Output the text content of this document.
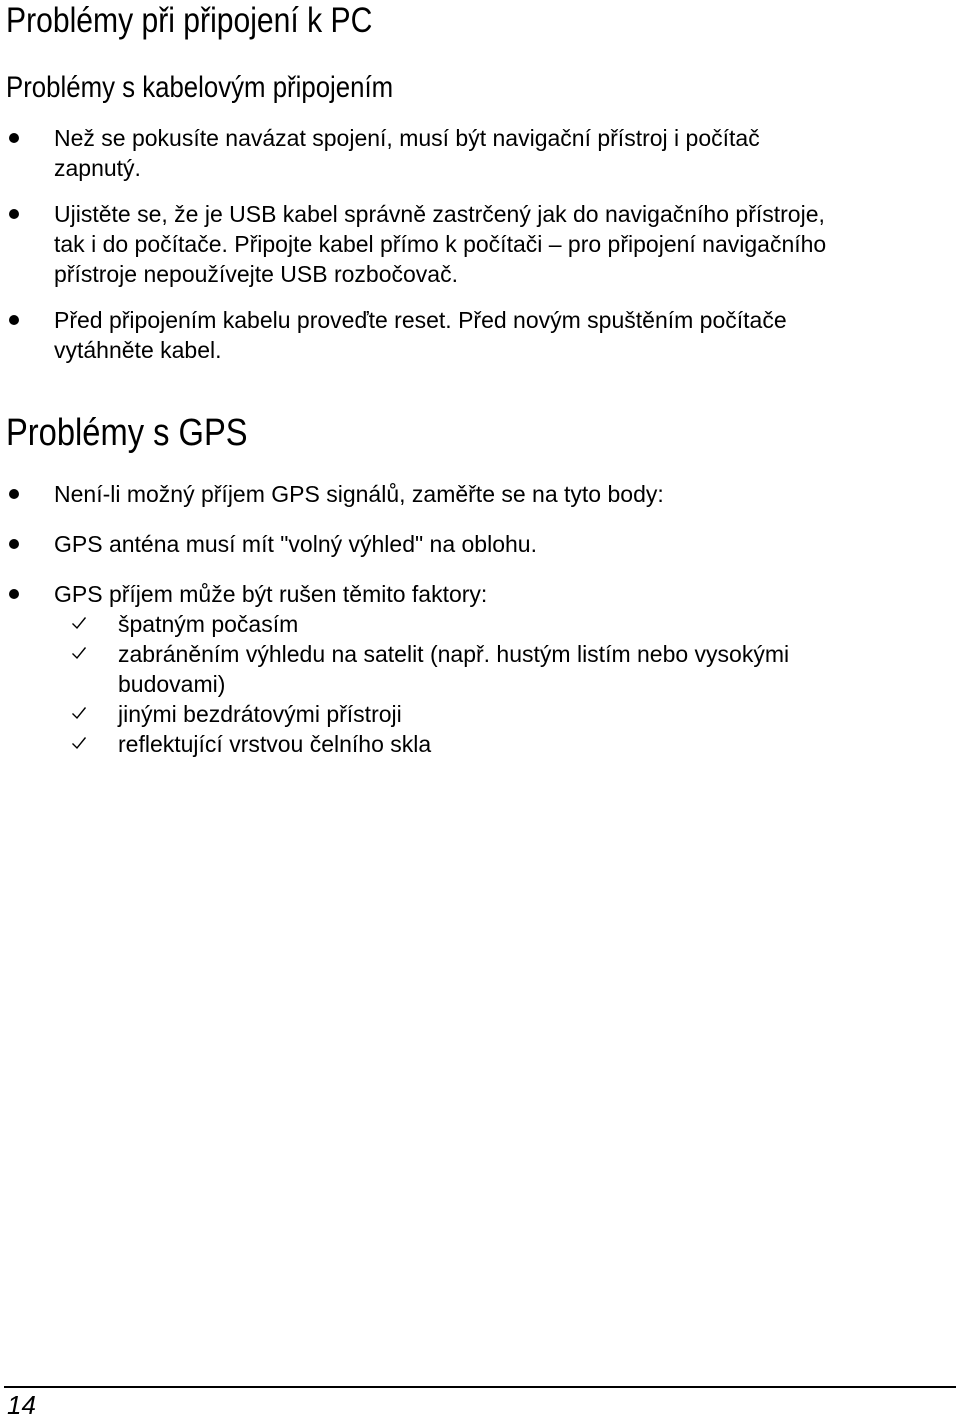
Problémy při připojení k PC
Problémy s kabelovým připojením
Než se pokusíte navázat spojení, musí být navigační přístroj i počítač
zapnutý.
Ujistěte se, že je USB kabel správně zastrčený jak do navigačního přístroje,
tak i do počítače. Připojte kabel přímo k počítači – pro připojení navigačního
přístroje nepoužívejte USB rozbočovač.
Před připojením kabelu proveďte reset. Před novým spuštěním počítače
vytáhněte kabel.
Problémy s GPS
Není-li možný příjem GPS signálů, zaměřte se na tyto body:
GPS anténa musí mít "volný výhled" na oblohu.
GPS příjem může být rušen těmito faktory:
špatným počasím
zabráněním výhledu na satelit (např. hustým listím nebo vysokými
budovami)
jinými bezdrátovými přístroji
reflektující vrstvou čelního skla
14
